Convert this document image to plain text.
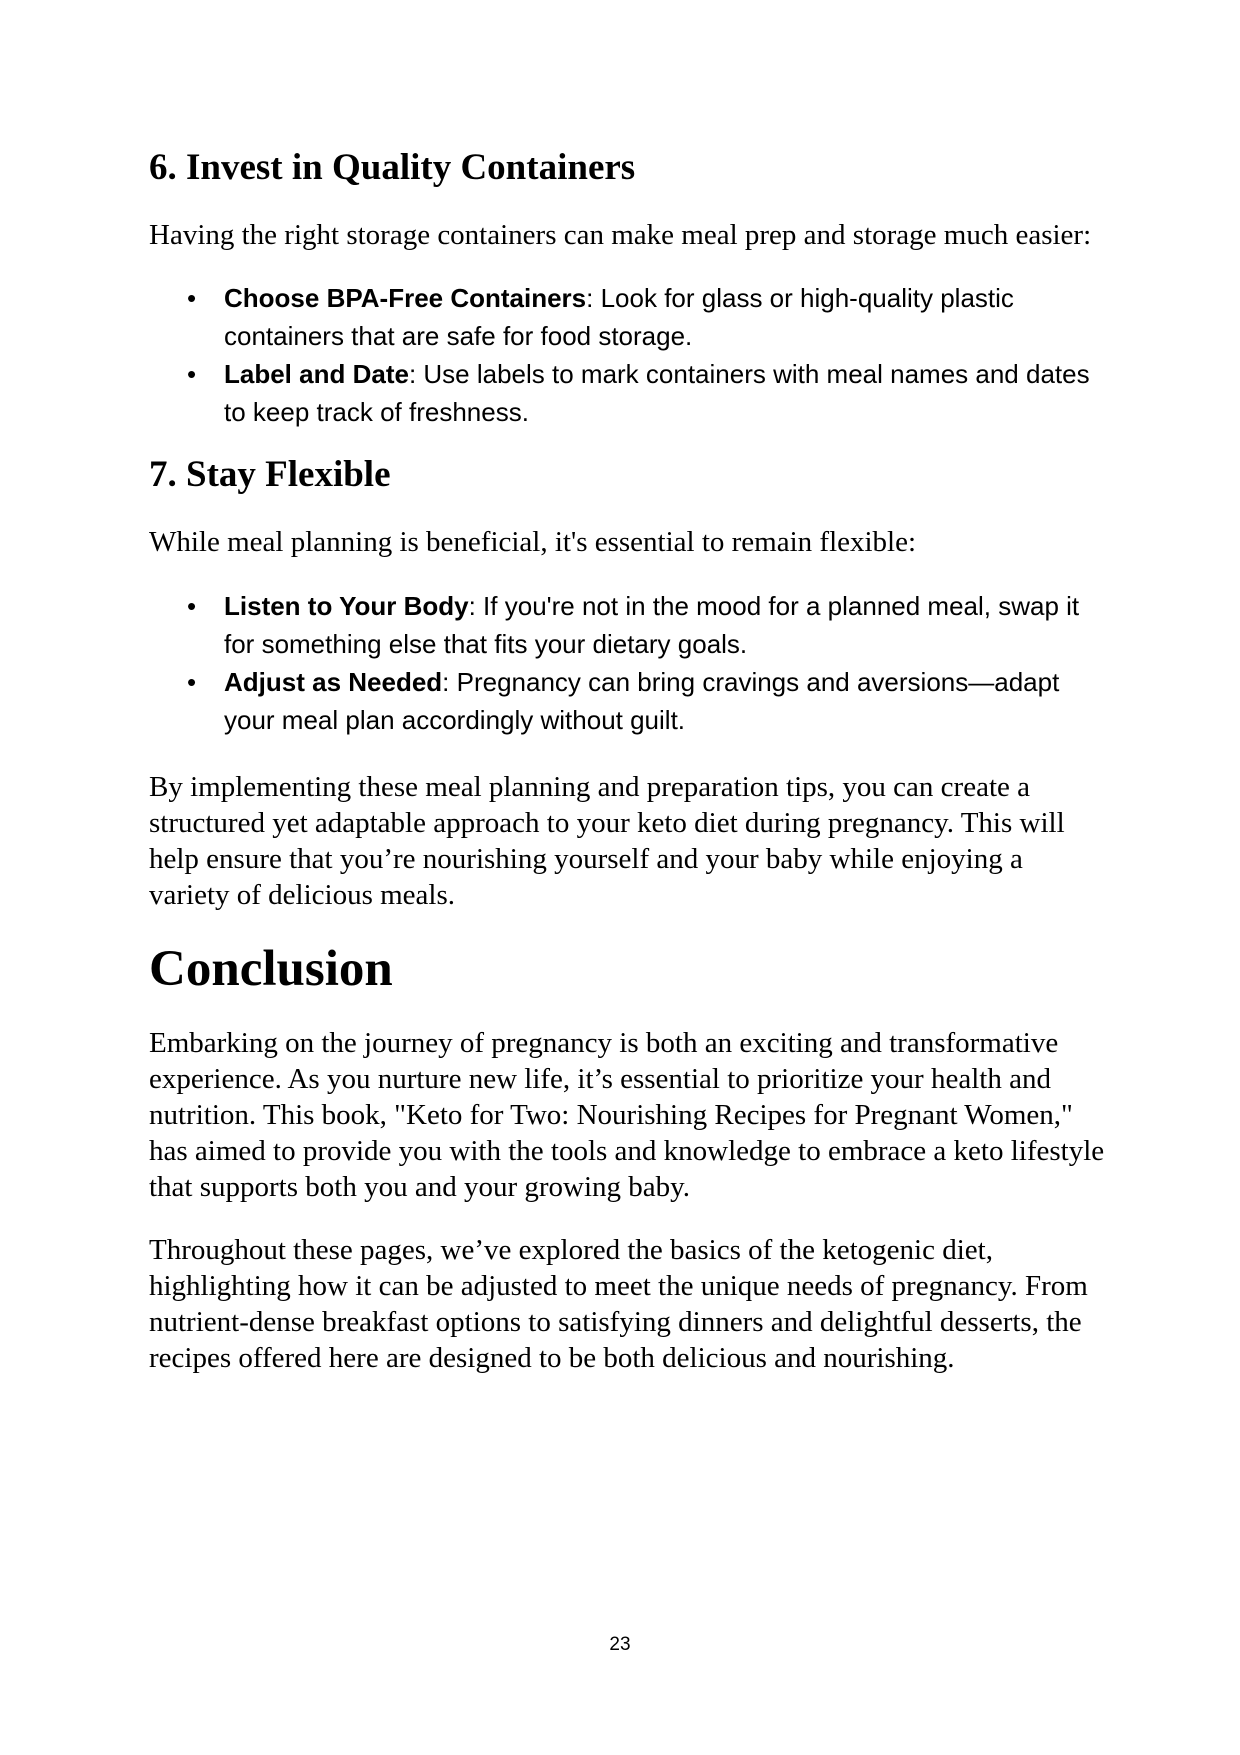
6. Invest in Quality Containers

Having the right storage containers can make meal prep and storage much easier:

• Choose BPA-Free Containers: Look for glass or high-quality plastic containers that are safe for food storage.
• Label and Date: Use labels to mark containers with meal names and dates to keep track of freshness.
7. Stay Flexible

While meal planning is beneficial, it's essential to remain flexible:

• Listen to Your Body: If you're not in the mood for a planned meal, swap it for something else that fits your dietary goals.
• Adjust as Needed: Pregnancy can bring cravings and aversions—adapt your meal plan accordingly without guilt.

By implementing these meal planning and preparation tips, you can create a structured yet adaptable approach to your keto diet during pregnancy. This will help ensure that you’re nourishing yourself and your baby while enjoying a variety of delicious meals.

Conclusion

Embarking on the journey of pregnancy is both an exciting and transformative experience. As you nurture new life, it’s essential to prioritize your health and nutrition. This book, "Keto for Two: Nourishing Recipes for Pregnant Women," has aimed to provide you with the tools and knowledge to embrace a keto lifestyle that supports both you and your growing baby.

Throughout these pages, we’ve explored the basics of the ketogenic diet, highlighting how it can be adjusted to meet the unique needs of pregnancy. From nutrient-dense breakfast options to satisfying dinners and delightful desserts, the recipes offered here are designed to be both delicious and nourishing.

23
